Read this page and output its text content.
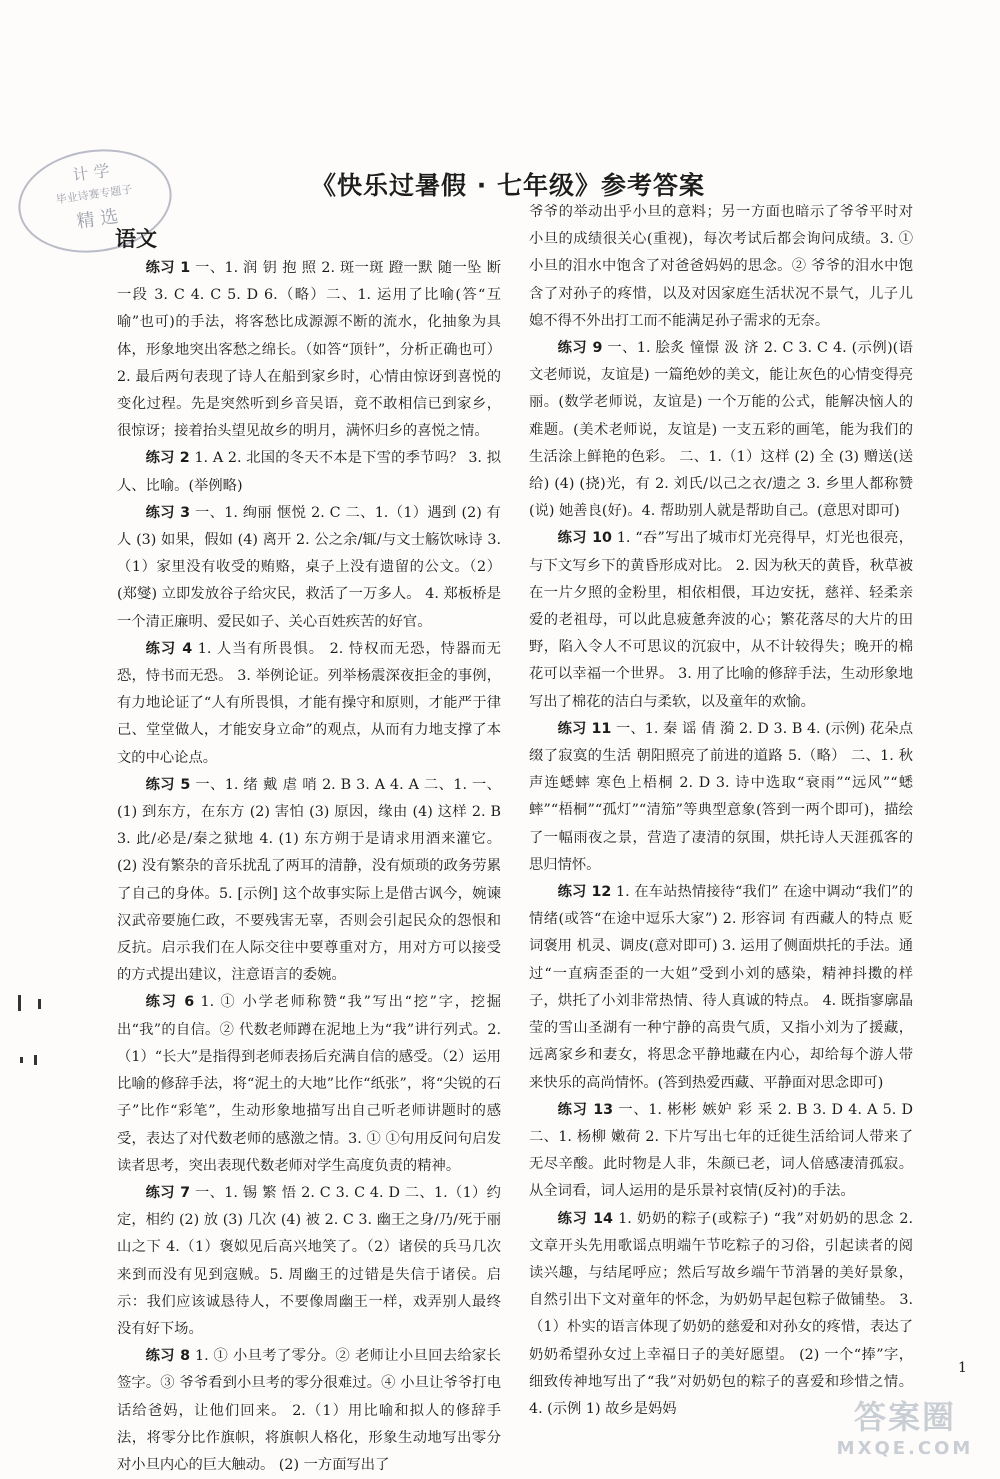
计 学
毕业诗赛专题子
精 选
《快乐过暑假 · 七年级》参考答案
语文

练习 1 一、1. 润 钥 抱 照 2. 斑一斑 蹬一默 随一坠 断一段 3. C 4. C 5. D 6.（略）二、1. 运用了比喻(答“互喻”也可)的手法，将客愁比成源源不断的流水，化抽象为具体，形象地突出客愁之绵长。（如答“顶针”，分析正确也可） 2. 最后两句表现了诗人在船到家乡时，心情由惊讶到喜悦的变化过程。先是突然听到乡音吴语，竟不敢相信已到家乡，很惊讶；接着抬头望见故乡的明月，满怀归乡的喜悦之情。

练习 2 1. A 2. 北国的冬天不本是下雪的季节吗？ 3. 拟人、比喻。(举例略)

练习 3 一、1. 绚丽 惬悦 2. C 二、1.（1）遇到 (2) 有人 (3) 如果，假如 (4) 离开 2. 公之余/辄/与文士觞饮咏诗 3.（1）家里没有收受的贿赂，桌子上没有遗留的公文。（2）(郑燮) 立即发放谷子给灾民，救活了一万多人。 4. 郑板桥是一个清正廉明、爱民如子、关心百姓疾苦的好官。

练习 4 1. 人当有所畏惧。 2. 恃权而无恐，恃器而无恐，恃书而无恐。 3. 举例论证。列举杨震深夜拒金的事例，有力地论证了“人有所畏惧，才能有操守和原则，才能严于律己、堂堂做人，才能安身立命”的观点，从而有力地支撑了本文的中心论点。

练习 5 一、1. 绪 戴 虐 哨 2. B 3. A 4. A 二、1. 一、(1) 到东方，在东方 (2) 害怕 (3) 原因，缘由 (4) 这样 2. B 3. 此/必是/秦之狱地 4. (1) 东方朔于是请求用酒来灌它。 (2) 没有繁杂的音乐扰乱了两耳的清静，没有烦琐的政务劳累了自己的身体。5. [示例] 这个故事实际上是借古讽今，婉谏汉武帝要施仁政，不要残害无辜，否则会引起民众的怨恨和反抗。启示我们在人际交往中要尊重对方，用对方可以接受的方式提出建议，注意语言的委婉。

练习 6 1. ① 小学老师称赞“我”写出“挖”字，挖掘出“我”的自信。② 代数老师蹲在泥地上为“我”讲行列式。2.（1）“长大”是指得到老师表扬后充满自信的感受。（2）运用比喻的修辞手法，将“泥土的大地”比作“纸张”，将“尖锐的石子”比作“彩笔”，生动形象地描写出自己听老师讲题时的感受，表达了对代数老师的感激之情。3. ① ①句用反问句启发读者思考，突出表现代数老师对学生高度负责的精神。

练习 7 一、1. 锡 繁 悟 2. C 3. C 4. D 二、1.（1）约定，相约 (2) 放 (3) 几次 (4) 被 2. C 3. 幽王之身/乃/死于丽山之下 4.（1）褒姒见后高兴地笑了。（2）诸侯的兵马几次来到而没有见到寇贼。5. 周幽王的过错是失信于诸侯。启示：我们应该诚恳待人，不要像周幽王一样，戏弄别人最终没有好下场。

练习 8 1. ① 小旦考了零分。② 老师让小旦回去给家长签字。③ 爷爷看到小旦考的零分很难过。④ 小旦让爷爷打电话给爸妈，让他们回来。 2.（1）用比喻和拟人的修辞手法，将零分比作旗帜，将旗帜人格化，形象生动地写出零分对小旦内心的巨大触动。 (2) 一方面写出了

爷爷的举动出乎小旦的意料；另一方面也暗示了爷爷平时对小旦的成绩很关心(重视)，每次考试后都会询问成绩。3. ① 小旦的泪水中饱含了对爸爸妈妈的思念。② 爷爷的泪水中饱含了对孙子的疼惜，以及对因家庭生活状况不景气，儿子儿媳不得不外出打工而不能满足孙子需求的无奈。

练习 9 一、1. 脍炙 憧憬 汲 济 2. C 3. C 4. (示例)(语文老师说，友谊是) 一篇绝妙的美文，能让灰色的心情变得亮丽。(数学老师说，友谊是) 一个万能的公式，能解决恼人的难题。(美术老师说，友谊是) 一支五彩的画笔，能为我们的生活涂上鲜艳的色彩。 二、1.（1）这样 (2) 全 (3) 赠送(送给) (4) (挠)光，有 2. 刘氏/以己之衣/遗之 3. 乡里人都称赞(说) 她善良(好)。4. 帮助别人就是帮助自己。(意思对即可)

练习 10 1. “吞”写出了城市灯光亮得早，灯光也很亮，与下文写乡下的黄昏形成对比。 2. 因为秋天的黄昏，秋草被在一片夕照的金粉里，相依相偎，耳边安抚，慈祥、轻柔亲爱的老祖母，可以此息疲惫奔波的心；繁花落尽的大片的田野，陷入令人不可思议的沉寂中，从不计较得失；晚开的棉花可以幸福一个世界。 3. 用了比喻的修辞手法，生动形象地写出了棉花的洁白与柔软，以及童年的欢愉。

练习 11 一、1. 秦 谣 倩 漪 2. D 3. B 4. (示例) 花朵点缀了寂寞的生活 朝阳照亮了前进的道路 5.（略） 二、1. 秋声连蟋蟀 寒色上梧桐 2. D 3. 诗中选取“衰雨”“远风”“蟋蟀”“梧桐”“孤灯”“清笳”等典型意象(答到一两个即可)，描绘了一幅雨夜之景，营造了凄清的氛围，烘托诗人天涯孤客的思归情怀。

练习 12 1. 在车站热情接待“我们” 在途中调动“我们”的情绪(或答“在途中逗乐大家”) 2. 形容词 有西藏人的特点 贬词褒用 机灵、调皮(意对即可) 3. 运用了侧面烘托的手法。通过“一直病歪歪的一大姐”受到小刘的感染，精神抖擞的样子，烘托了小刘非常热情、待人真诚的特点。 4. 既指寥廓晶莹的雪山圣湖有一种宁静的高贵气质，又指小刘为了援藏，远离家乡和妻女，将思念平静地藏在内心，却给每个游人带来快乐的高尚情怀。(答到热爱西藏、平静面对思念即可)

练习 13 一、1. 彬彬 嫉妒 彩 采 2. B 3. D 4. A 5. D 二、1. 杨柳 嫩荷 2. 下片写出七年的迁徙生活给词人带来了无尽辛酸。此时物是人非，朱颜已老，词人倍感凄清孤寂。从全词看，词人运用的是乐景衬哀情(反衬)的手法。

练习 14 1. 奶奶的粽子(或粽子) “我”对奶奶的思念 2. 文章开头先用歌谣点明端午节吃粽子的习俗，引起读者的阅读兴趣，与结尾呼应；然后写故乡端午节消暑的美好景象，自然引出下文对童年的怀念，为奶奶早起包粽子做铺垫。 3.（1）朴实的语言体现了奶奶的慈爱和对孙女的疼惜，表达了奶奶希望孙女过上幸福日子的美好愿望。 (2) 一个“捧”字，细致传神地写出了“我”对奶奶包的粽子的喜爱和珍惜之情。 4. (示例 1) 故乡是妈妈

1
答案圈
MXQE.COM
